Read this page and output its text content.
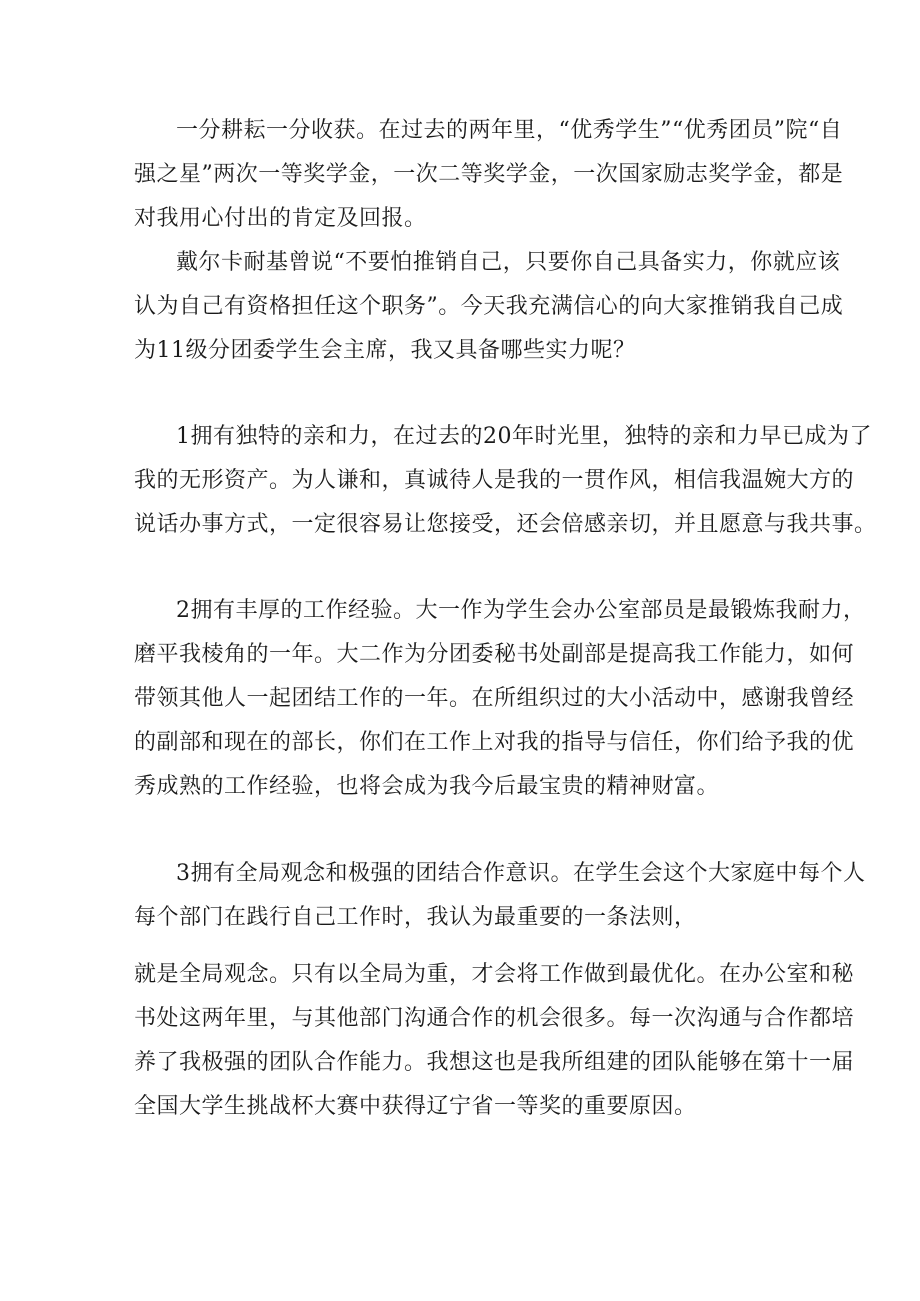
一分耕耘一分收获。在过去的两年里，“优秀学生”“优秀团员”院“自
强之星”两次一等奖学金，一次二等奖学金，一次国家励志奖学金，都是
对我用心付出的肯定及回报。
戴尔卡耐基曾说“不要怕推销自己，只要你自己具备实力，你就应该
认为自己有资格担任这个职务”。今天我充满信心的向大家推销我自己成
为11级分团委学生会主席，我又具备哪些实力呢？
1拥有独特的亲和力，在过去的20年时光里，独特的亲和力早已成为了
我的无形资产。为人谦和，真诚待人是我的一贯作风，相信我温婉大方的
说话办事方式，一定很容易让您接受，还会倍感亲切，并且愿意与我共事。
2拥有丰厚的工作经验。大一作为学生会办公室部员是最锻炼我耐力，
磨平我棱角的一年。大二作为分团委秘书处副部是提高我工作能力，如何
带领其他人一起团结工作的一年。在所组织过的大小活动中，感谢我曾经
的副部和现在的部长，你们在工作上对我的指导与信任，你们给予我的优
秀成熟的工作经验，也将会成为我今后最宝贵的精神财富。
3拥有全局观念和极强的团结合作意识。在学生会这个大家庭中每个人
每个部门在践行自己工作时，我认为最重要的一条法则，
就是全局观念。只有以全局为重，才会将工作做到最优化。在办公室和秘
书处这两年里，与其他部门沟通合作的机会很多。每一次沟通与合作都培
养了我极强的团队合作能力。我想这也是我所组建的团队能够在第十一届
全国大学生挑战杯大赛中获得辽宁省一等奖的重要原因。
